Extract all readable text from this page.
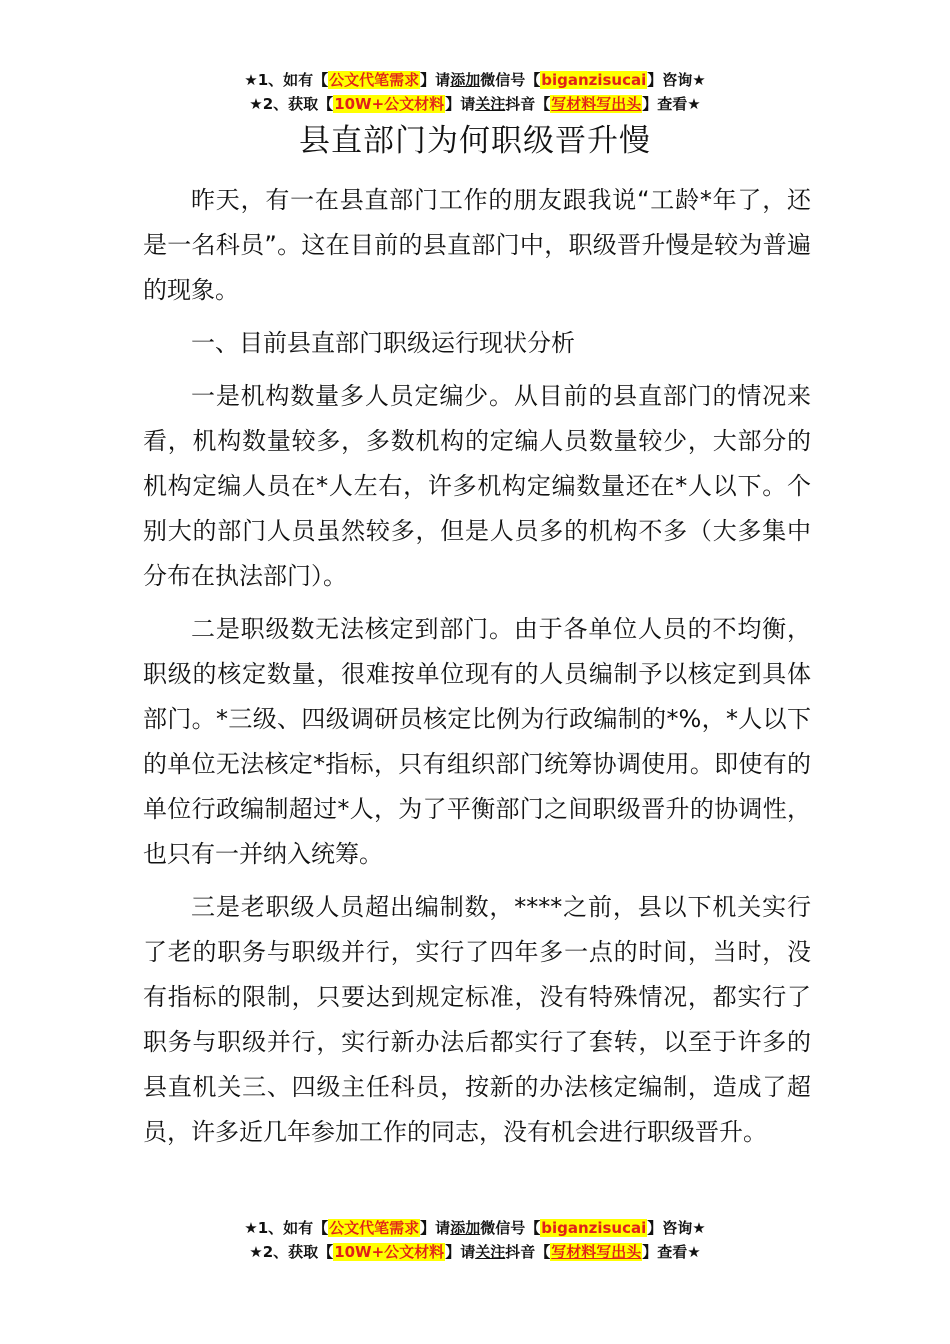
★1、如有【公文代笔需求】请添加微信号【biganzisucai】咨询★
★2、获取【10W+公文材料】请关注抖音【写材料写出头】查看★
县直部门为何职级晋升慢

昨天，有一在县直部门工作的朋友跟我说“工龄*年了，还是一名科员”。这在目前的县直部门中，职级晋升慢是较为普遍的现象。

一、目前县直部门职级运行现状分析

一是机构数量多人员定编少。从目前的县直部门的情况来看，机构数量较多，多数机构的定编人员数量较少，大部分的机构定编人员在*人左右，许多机构定编数量还在*人以下。个别大的部门人员虽然较多，但是人员多的机构不多（大多集中分布在执法部门）。

二是职级数无法核定到部门。由于各单位人员的不均衡，职级的核定数量，很难按单位现有的人员编制予以核定到具体部门。*三级、四级调研员核定比例为行政编制的*%，*人以下的单位无法核定*指标，只有组织部门统筹协调使用。即使有的单位行政编制超过*人，为了平衡部门之间职级晋升的协调性，也只有一并纳入统筹。

三是老职级人员超出编制数，****之前，县以下机关实行了老的职务与职级并行，实行了四年多一点的时间，当时，没有指标的限制，只要达到规定标准，没有特殊情况，都实行了职务与职级并行，实行新办法后都实行了套转，以至于许多的县直机关三、四级主任科员，按新的办法核定编制，造成了超员，许多近几年参加工作的同志，没有机会进行职级晋升。

★1、如有【公文代笔需求】请添加微信号【biganzisucai】咨询★
★2、获取【10W+公文材料】请关注抖音【写材料写出头】查看★
